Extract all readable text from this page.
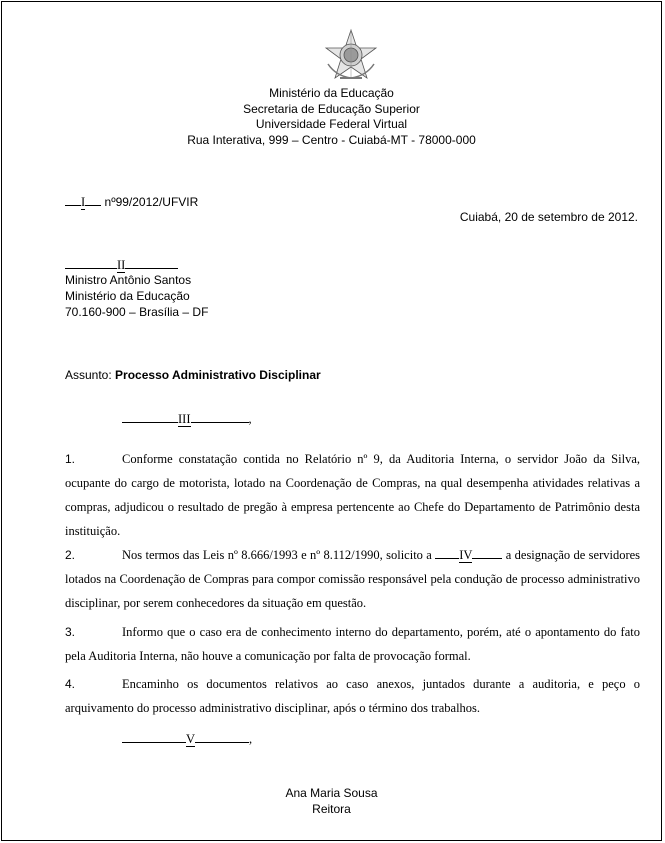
Ministério da Educação
Secretaria de Educação Superior
Universidade Federal Virtual
Rua Interativa, 999 – Centro - Cuiabá-MT - 78000-000
I nº99/2012/UFVIR
Cuiabá, 20 de setembro de 2012.
II
Ministro Antônio Santos
Ministério da Educação
70.160-900 – Brasília – DF
Assunto: Processo Administrativo Disciplinar
III	,
1.	Conforme constatação contida no Relatório nº 9, da Auditoria Interna, o servidor João da Silva, ocupante do cargo de motorista, lotado na Coordenação de Compras, na qual desempenha atividades relativas a compras, adjudicou o resultado de pregão à empresa pertencente ao Chefe do Departamento de Patrimônio desta instituição.
2.	Nos termos das Leis nº 8.666/1993 e nº 8.112/1990, solicito a IV	a designação de servidores lotados na Coordenação de Compras para compor comissão responsável pela condução de processo administrativo disciplinar, por serem conhecedores da situação em questão.
3.	Informo que o caso era de conhecimento interno do departamento, porém, até o apontamento do fato pela Auditoria Interna, não houve a comunicação por falta de provocação formal.
4.	Encaminho os documentos relativos ao caso anexos, juntados durante a auditoria, e peço o arquivamento do processo administrativo disciplinar, após o término dos trabalhos.
V	,
Ana Maria Sousa
Reitora
